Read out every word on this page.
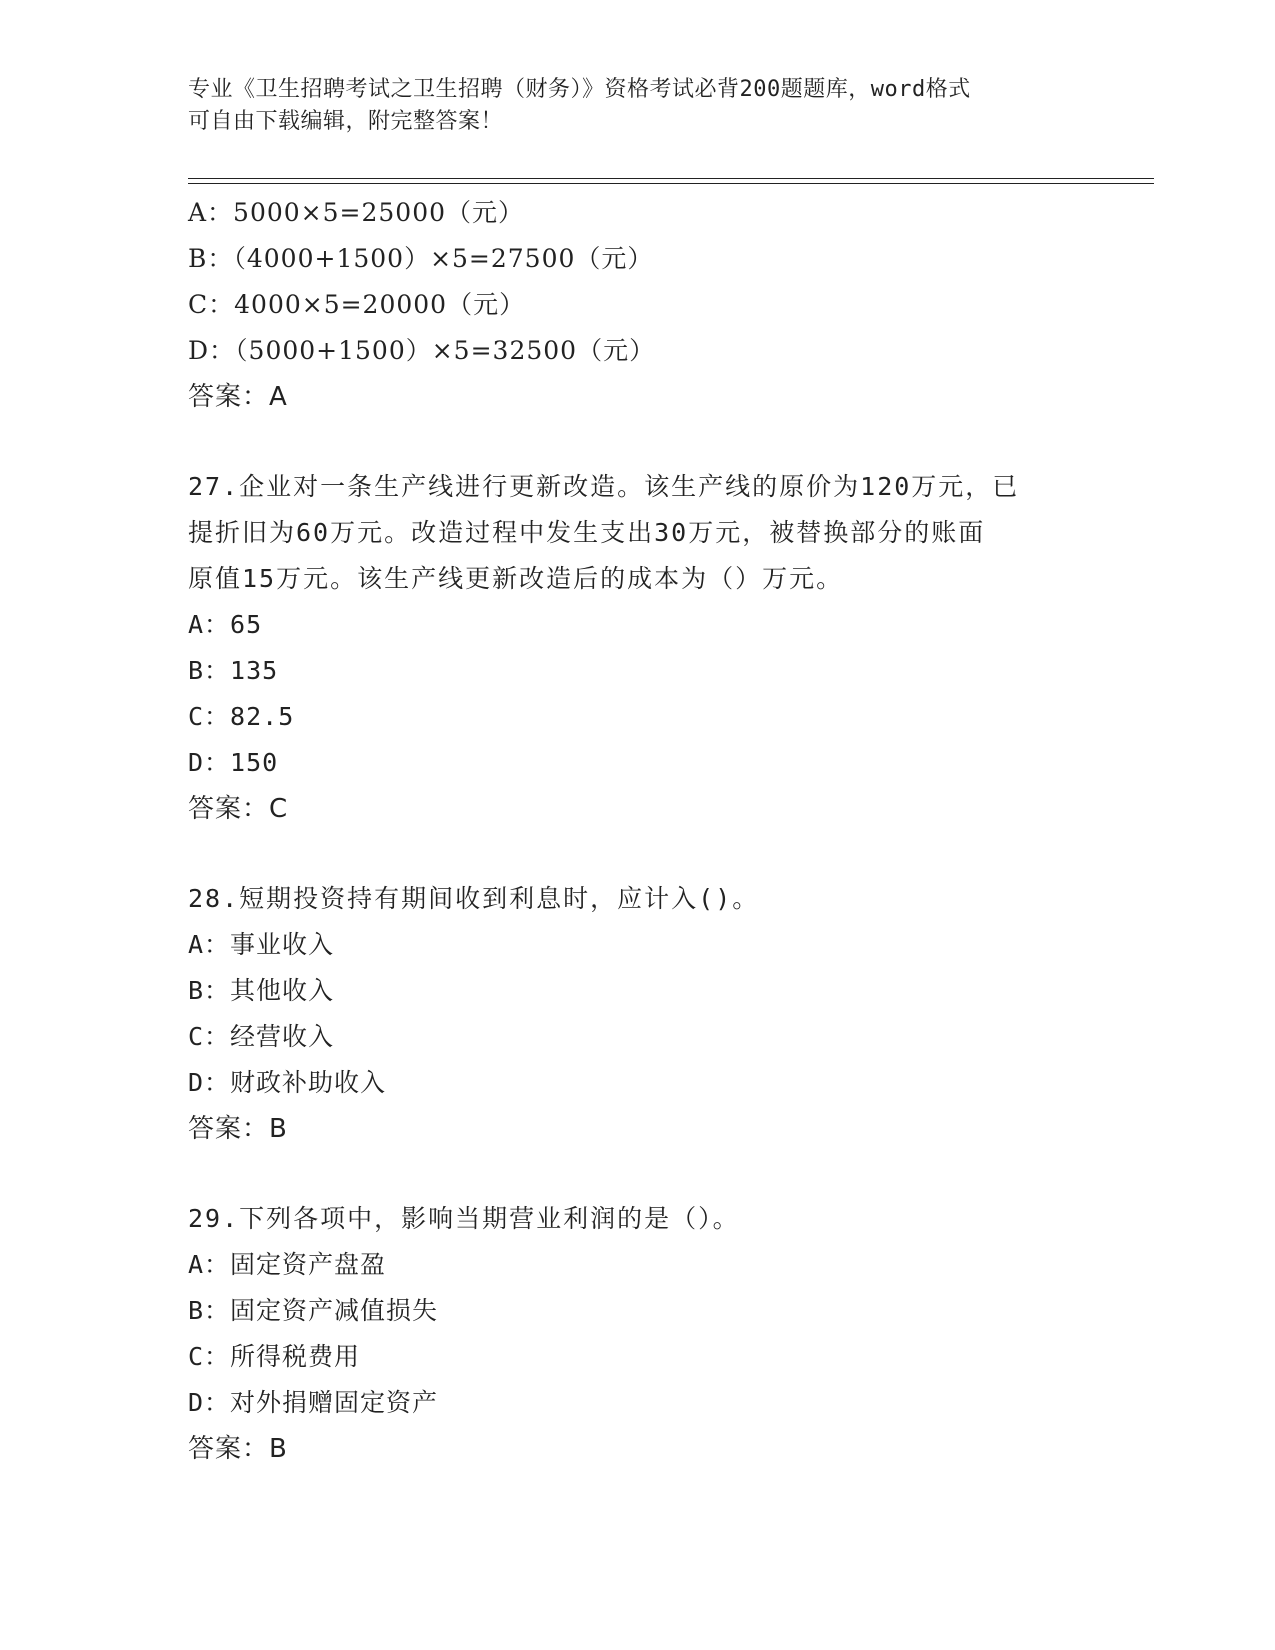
专业《卫生招聘考试之卫生招聘（财务）》资格考试必背200题题库，word格式
可自由下载编辑，附完整答案！
A：5000×5=25000（元）
B：（4000+1500）×5=27500（元）
C：4000×5=20000（元）
D：（5000+1500）×5=32500（元）
答案：A
27.企业对一条生产线进行更新改造。该生产线的原价为120万元，已
提折旧为60万元。改造过程中发生支出30万元，被替换部分的账面
原值15万元。该生产线更新改造后的成本为（）万元。
A：65
B：135
C：82.5
D：150
答案：C
28.短期投资持有期间收到利息时，应计入()。
A：事业收入
B：其他收入
C：经营收入
D：财政补助收入
答案：B
29.下列各项中，影响当期营业利润的是（）。
A：固定资产盘盈
B：固定资产减值损失
C：所得税费用
D：对外捐赠固定资产
答案：B
